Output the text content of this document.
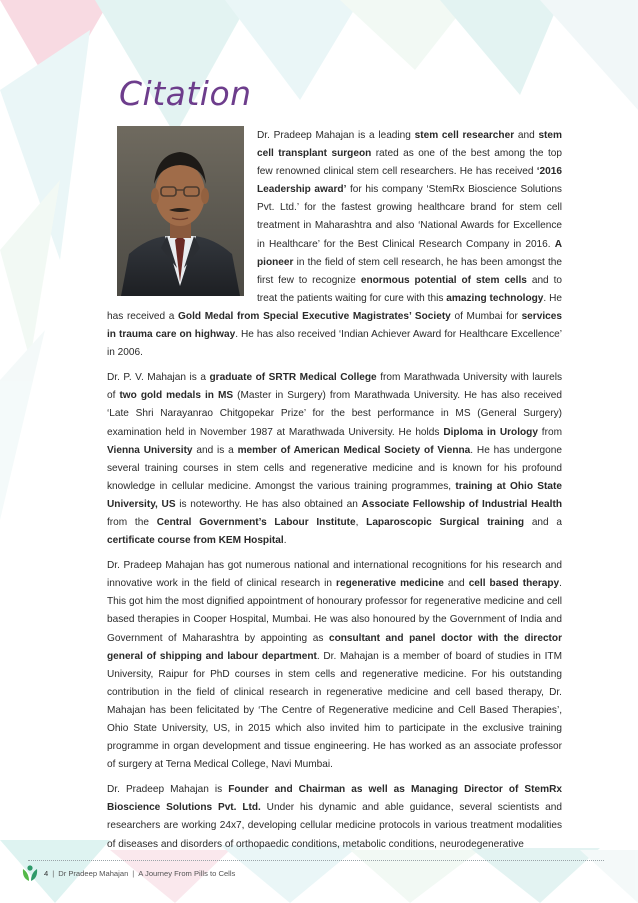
Citation

Dr. Pradeep Mahajan is a leading stem cell researcher and stem cell transplant surgeon rated as one of the best among the top few renowned clinical stem cell researchers. He has received ‘2016 Leadership award’ for his company ‘StemRx Bioscience Solutions Pvt. Ltd.’ for the fastest growing healthcare brand for stem cell treatment in Maharashtra and also ‘National Awards for Excellence in Healthcare’ for the Best Clinical Research Company in 2016. A pioneer in the field of stem cell research, he has been amongst the first few to recognize enormous potential of stem cells and to treat the patients waiting for cure with this amazing technology. He has received a Gold Medal from Special Executive Magistrates’ Society of Mumbai for services in trauma care on highway. He has also received ‘Indian Achiever Award for Healthcare Excellence’ in 2006.

Dr. P. V. Mahajan is a graduate of SRTR Medical College from Marathwada University with laurels of two gold medals in MS (Master in Surgery) from Marathwada University. He has also received ‘Late Shri Narayanrao Chitgopekar Prize’ for the best performance in MS (General Surgery) examination held in November 1987 at Marathwada University. He holds Diploma in Urology from Vienna University and is a member of American Medical Society of Vienna. He has undergone several training courses in stem cells and regenerative medicine and is known for his profound knowledge in cellular medicine. Amongst the various training programmes, training at Ohio State University, US is noteworthy. He has also obtained an Associate Fellowship of Industrial Health from the Central Government’s Labour Institute, Laparoscopic Surgical training and a certificate course from KEM Hospital.

Dr. Pradeep Mahajan has got numerous national and international recognitions for his research and innovative work in the field of clinical research in regenerative medicine and cell based therapy. This got him the most dignified appointment of honourary professor for regenerative medicine and cell based therapies in Cooper Hospital, Mumbai. He was also honoured by the Government of India and Government of Maharashtra by appointing as consultant and panel doctor with the director general of shipping and labour department. Dr. Mahajan is a member of board of studies in ITM University, Raipur for PhD courses in stem cells and regenerative medicine. For his outstanding contribution in the field of clinical research in regenerative medicine and cell based therapy, Dr. Mahajan has been felicitated by ‘The Centre of Regenerative medicine and Cell Based Therapies’, Ohio State University, US, in 2015 which also invited him to participate in the exclusive training programme in organ development and tissue engineering. He has worked as an associate professor of surgery at Terna Medical College, Navi Mumbai.

Dr. Pradeep Mahajan is Founder and Chairman as well as Managing Director of StemRx Bioscience Solutions Pvt. Ltd. Under his dynamic and able guidance, several scientists and researchers are working 24x7, developing cellular medicine protocols in various treatment modalities of diseases and disorders of orthopaedic conditions, metabolic conditions, neurodegenerative

4 | Dr Pradeep Mahajan | A Journey From Pills to Cells
